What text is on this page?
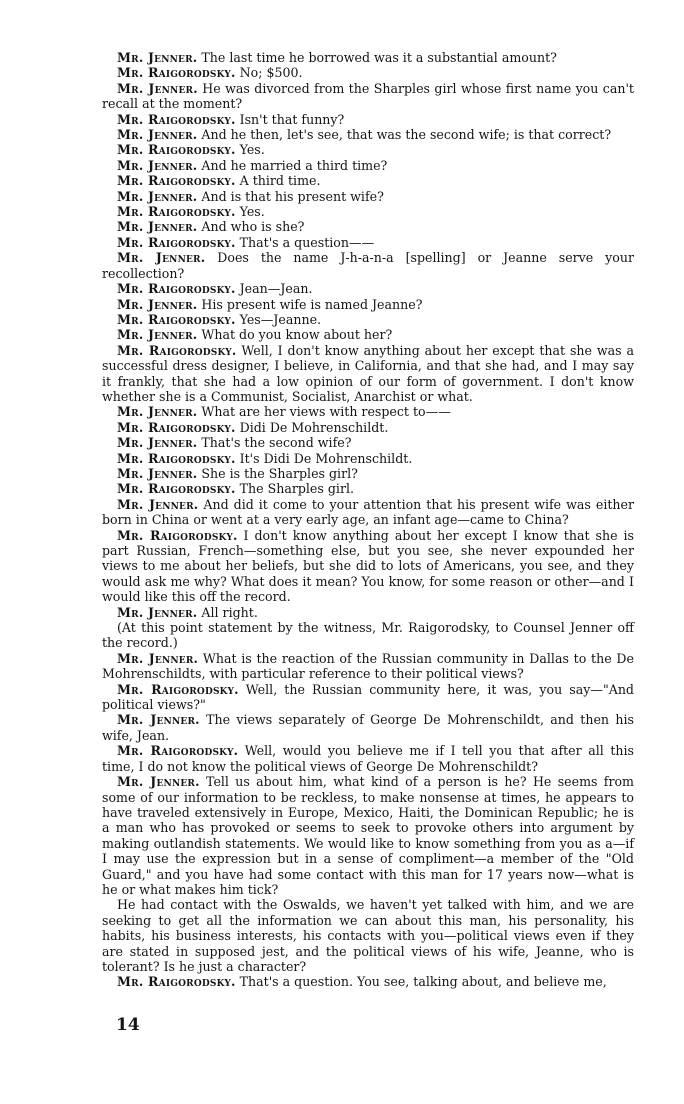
Mr. Jenner. The last time he borrowed was it a substantial amount?

Mr. Raigorodsky. No; $500.

Mr. Jenner. He was divorced from the Sharples girl whose first name you can't recall at the moment?

Mr. Raigorodsky. Isn't that funny?

Mr. Jenner. And he then, let's see, that was the second wife; is that correct?

Mr. Raigorodsky. Yes.

Mr. Jenner. And he married a third time?

Mr. Raigorodsky. A third time.

Mr. Jenner. And is that his present wife?

Mr. Raigorodsky. Yes.

Mr. Jenner. And who is she?

Mr. Raigorodsky. That's a question——

Mr. Jenner. Does the name J-h-a-n-a [spelling] or Jeanne serve your recollection?

Mr. Raigorodsky. Jean—Jean.

Mr. Jenner. His present wife is named Jeanne?

Mr. Raigorodsky. Yes—Jeanne.

Mr. Jenner. What do you know about her?

Mr. Raigorodsky. Well, I don't know anything about her except that she was a successful dress designer, I believe, in California, and that she had, and I may say it frankly, that she had a low opinion of our form of government. I don't know whether she is a Communist, Socialist, Anarchist or what.

Mr. Jenner. What are her views with respect to——

Mr. Raigorodsky. Didi De Mohrenschildt.

Mr. Jenner. That's the second wife?

Mr. Raigorodsky. It's Didi De Mohrenschildt.

Mr. Jenner. She is the Sharples girl?

Mr. Raigorodsky. The Sharples girl.

Mr. Jenner. And did it come to your attention that his present wife was either born in China or went at a very early age, an infant age—came to China?

Mr. Raigorodsky. I don't know anything about her except I know that she is part Russian, French—something else, but you see, she never expounded her views to me about her beliefs, but she did to lots of Americans, you see, and they would ask me why? What does it mean? You know, for some reason or other—and I would like this off the record.

Mr. Jenner. All right.

(At this point statement by the witness, Mr. Raigorodsky, to Counsel Jenner off the record.)

Mr. Jenner. What is the reaction of the Russian community in Dallas to the De Mohrenschildts, with particular reference to their political views?

Mr. Raigorodsky. Well, the Russian community here, it was, you say—"And political views?"

Mr. Jenner. The views separately of George De Mohrenschildt, and then his wife, Jean.

Mr. Raigorodsky. Well, would you believe me if I tell you that after all this time, I do not know the political views of George De Mohrenschildt?

Mr. Jenner. Tell us about him, what kind of a person is he? He seems from some of our information to be reckless, to make nonsense at times, he appears to have traveled extensively in Europe, Mexico, Haiti, the Dominican Republic; he is a man who has provoked or seems to seek to provoke others into argument by making outlandish statements. We would like to know something from you as a—if I may use the expression but in a sense of compliment—a member of the "Old Guard," and you have had some contact with this man for 17 years now—what is he or what makes him tick?

He had contact with the Oswalds, we haven't yet talked with him, and we are seeking to get all the information we can about this man, his personality, his habits, his business interests, his contacts with you—political views even if they are stated in supposed jest, and the political views of his wife, Jeanne, who is tolerant? Is he just a character?

Mr. Raigorodsky. That's a question. You see, talking about, and believe me,

14
